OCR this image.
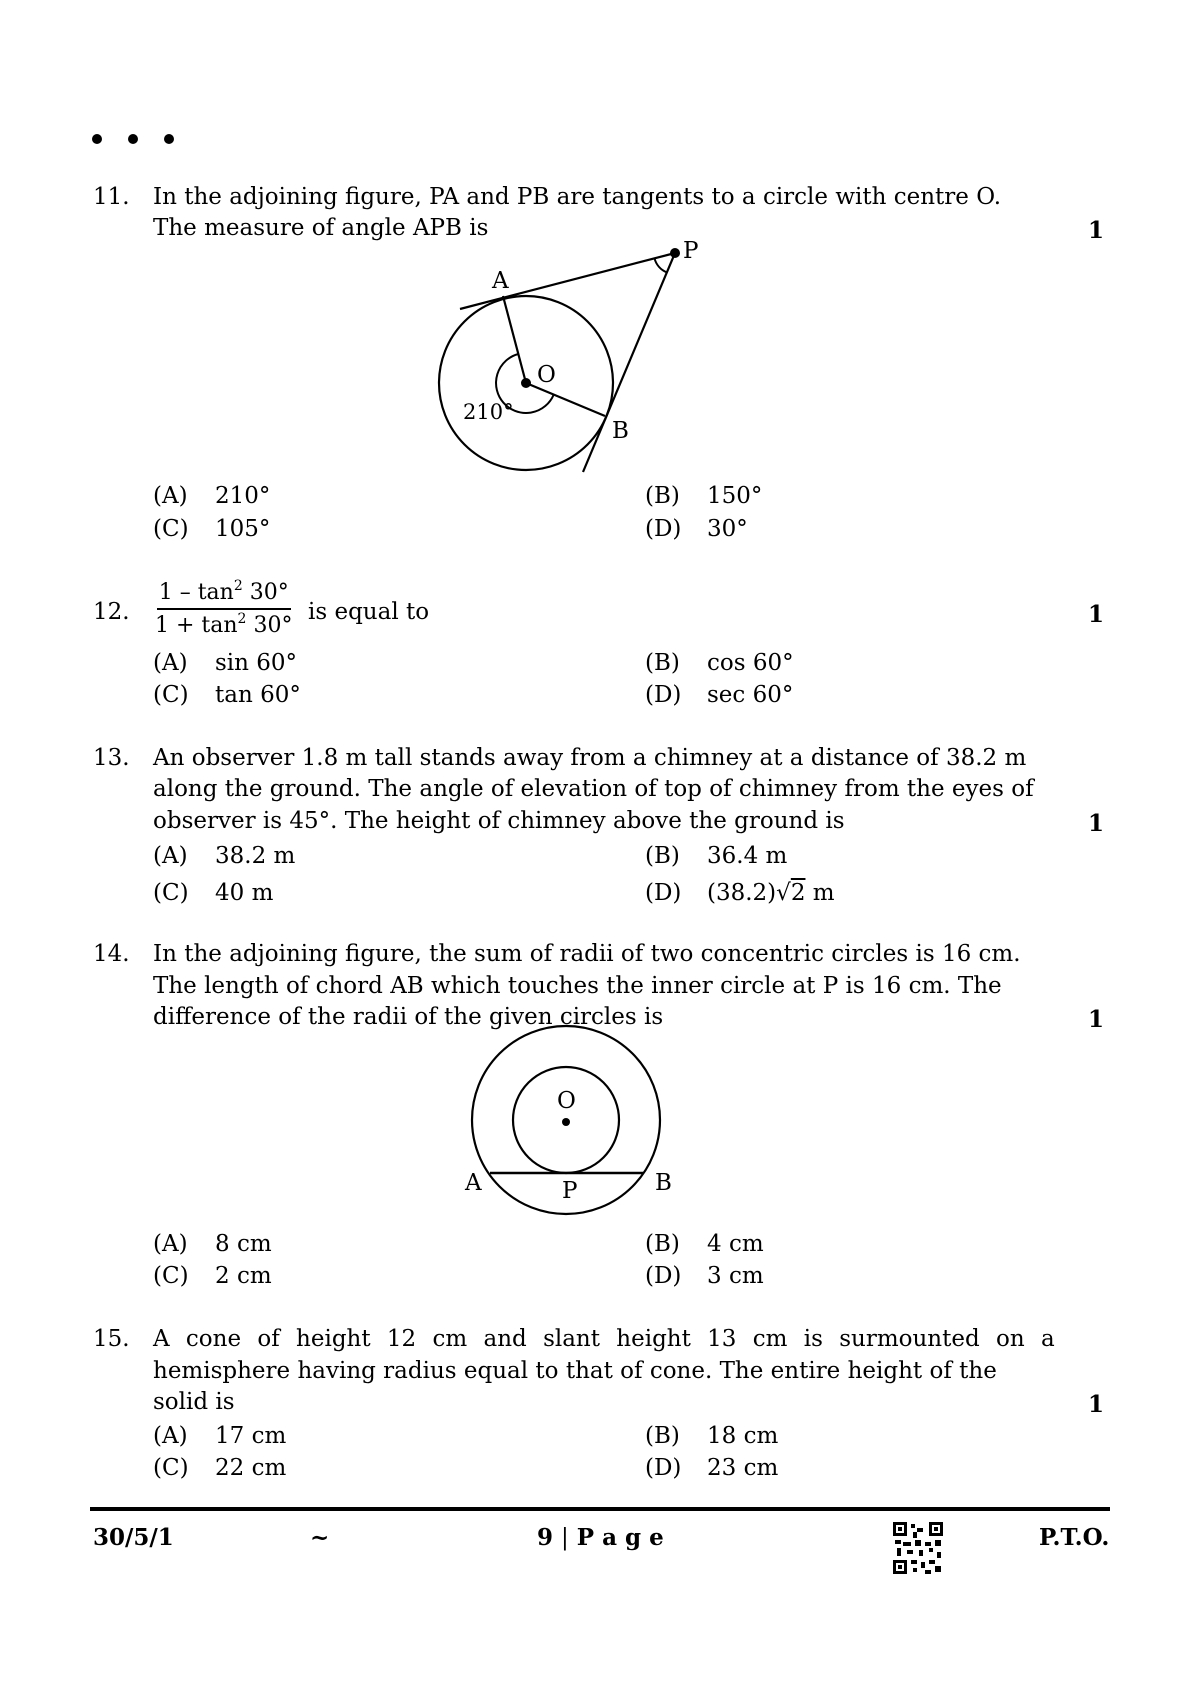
11. In the adjoining figure, PA and PB are tangents to a circle with centre O.
The measure of angle APB is	1
A
P
O
B
210°
(A)	210°	(B)	150°
(C)	105°	(D)	30°
12. $\frac{1 - \tan^2 30^\circ}{1 + \tan^2 30^\circ}$ is equal to	1
(A)	sin 60°	(B)	cos 60°
(C)	tan 60°	(D)	sec 60°
13. An observer 1.8 m tall stands away from a chimney at a distance of 38.2 m
along the ground. The angle of elevation of top of chimney from the eyes of
observer is 45°. The height of chimney above the ground is	1
(A)	38.2 m	(B)	36.4 m
(C)	40 m	(D)	(38.2)√2 m
14. In the adjoining figure, the sum of radii of two concentric circles is 16 cm.
The length of chord AB which touches the inner circle at P is 16 cm. The
difference of the radii of the given circles is	1
O
A	B
P
(A)	8 cm	(B)	4 cm
(C)	2 cm	(D)	3 cm
15. A cone of height 12 cm and slant height 13 cm is surmounted on a
hemisphere having radius equal to that of cone. The entire height of the
solid is	1
(A)	17 cm	(B)	18 cm
(C)	22 cm	(D)	23 cm
30/5/1	~	9 | P a g e	P.T.O.
